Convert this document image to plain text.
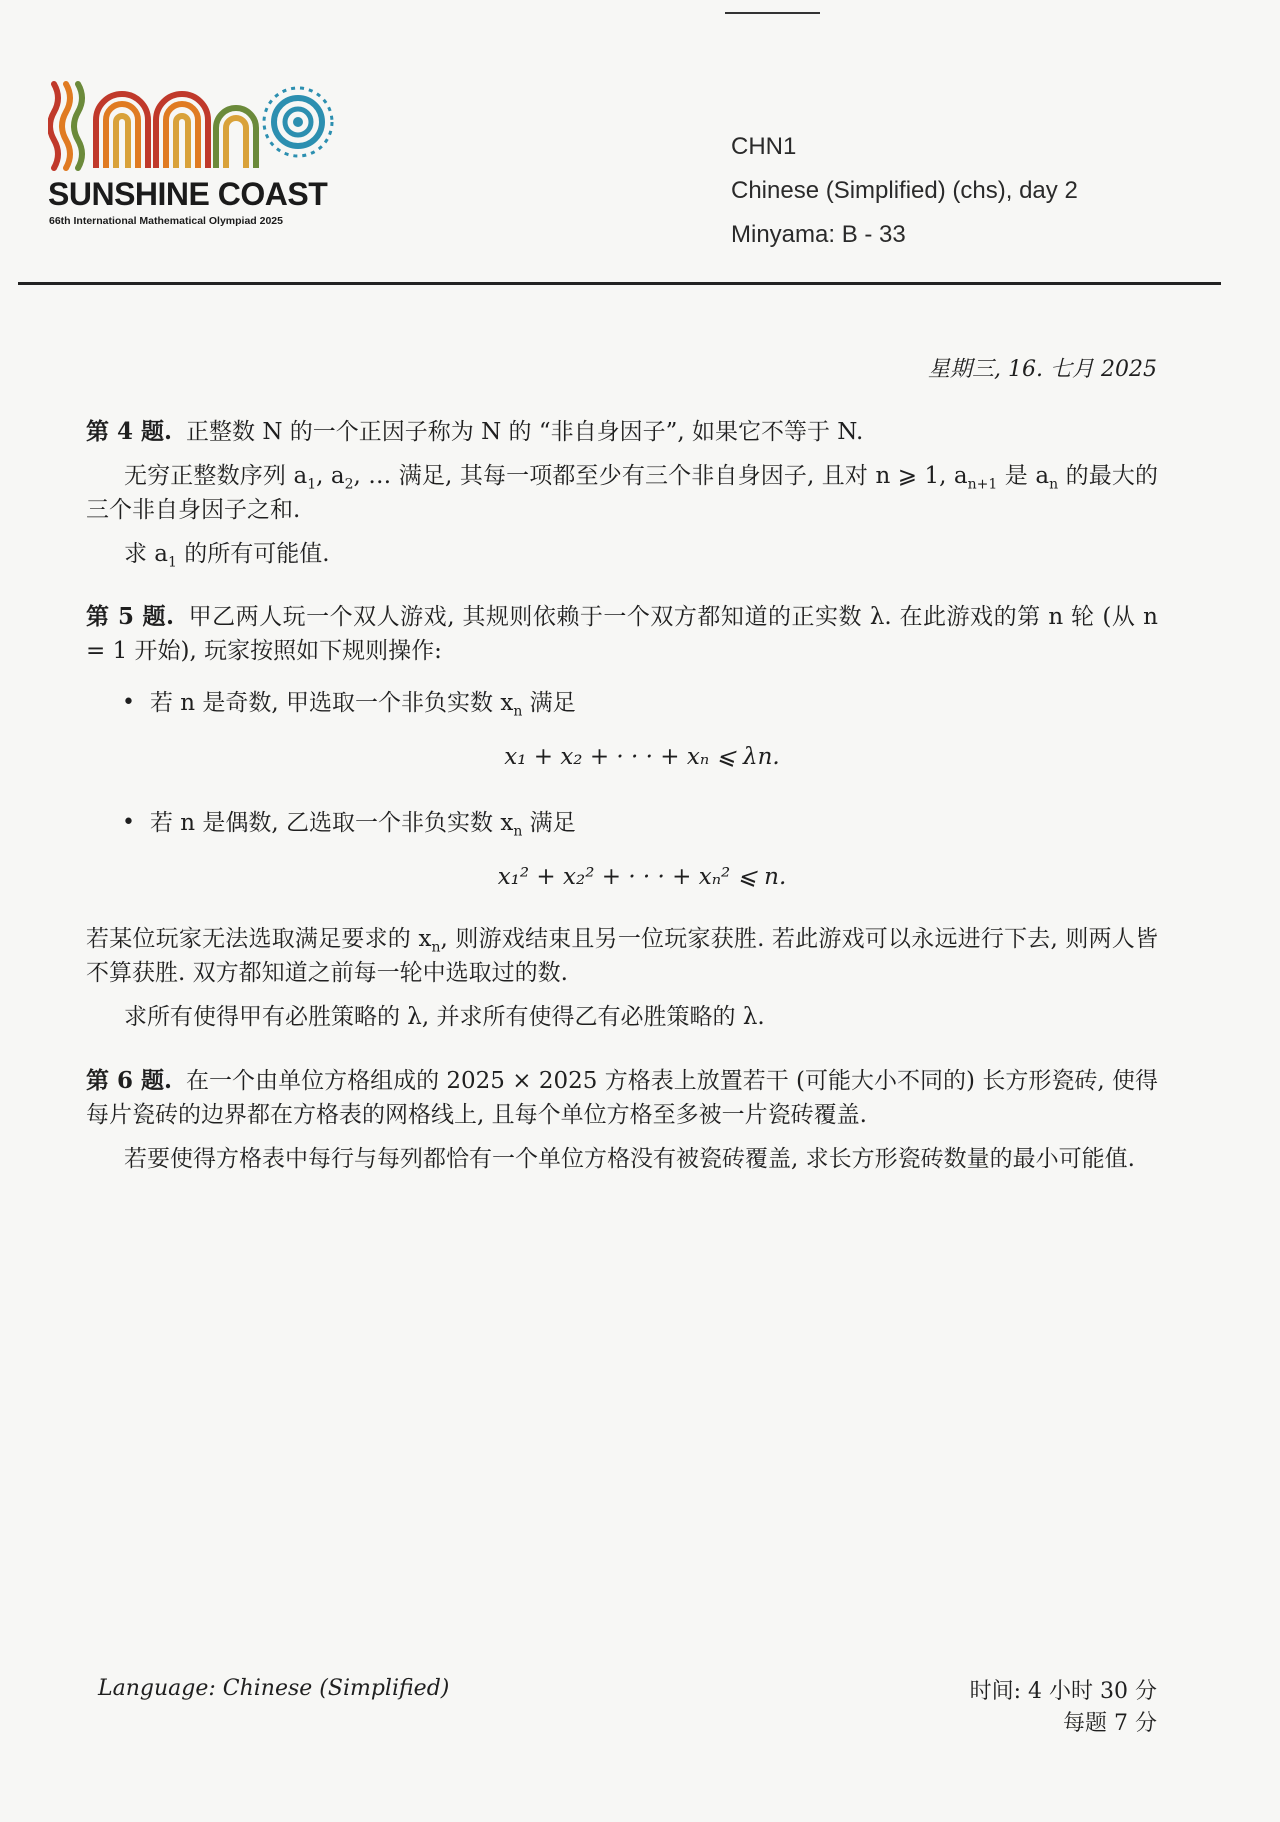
SUNSHINE COAST
66th International Mathematical Olympiad 2025
CHN1
Chinese (Simplified) (chs), day 2
Minyama: B - 33
星期三, 16. 七月 2025

第 4 题. 正整数 N 的一个正因子称为 N 的 “非自身因子”, 如果它不等于 N.

无穷正整数序列 $a_1$, $a_2$, … 满足, 其每一项都至少有三个非自身因子, 且对 n ⩾ 1, $a_{n+1}$ 是 $a_n$ 的最大的三个非自身因子之和.

求 $a_1$ 的所有可能值.

第 5 题. 甲乙两人玩一个双人游戏, 其规则依赖于一个双方都知道的正实数 λ. 在此游戏的第 n 轮 (从 n = 1 开始), 玩家按照如下规则操作:

• 若 n 是奇数, 甲选取一个非负实数 $x_n$ 满足

x₁ + x₂ + · · · + xₙ ⩽ λn.

• 若 n 是偶数, 乙选取一个非负实数 $x_n$ 满足

x₁² + x₂² + · · · + xₙ² ⩽ n.

若某位玩家无法选取满足要求的 $x_n$, 则游戏结束且另一位玩家获胜. 若此游戏可以永远进行下去, 则两人皆不算获胜. 双方都知道之前每一轮中选取过的数.

求所有使得甲有必胜策略的 λ, 并求所有使得乙有必胜策略的 λ.

第 6 题. 在一个由单位方格组成的 2025 × 2025 方格表上放置若干 (可能大小不同的) 长方形瓷砖, 使得每片瓷砖的边界都在方格表的网格线上, 且每个单位方格至多被一片瓷砖覆盖.

若要使得方格表中每行与每列都恰有一个单位方格没有被瓷砖覆盖, 求长方形瓷砖数量的最小可能值.

Language: Chinese (Simplified)	时间: 4 小时 30 分
每题 7 分
